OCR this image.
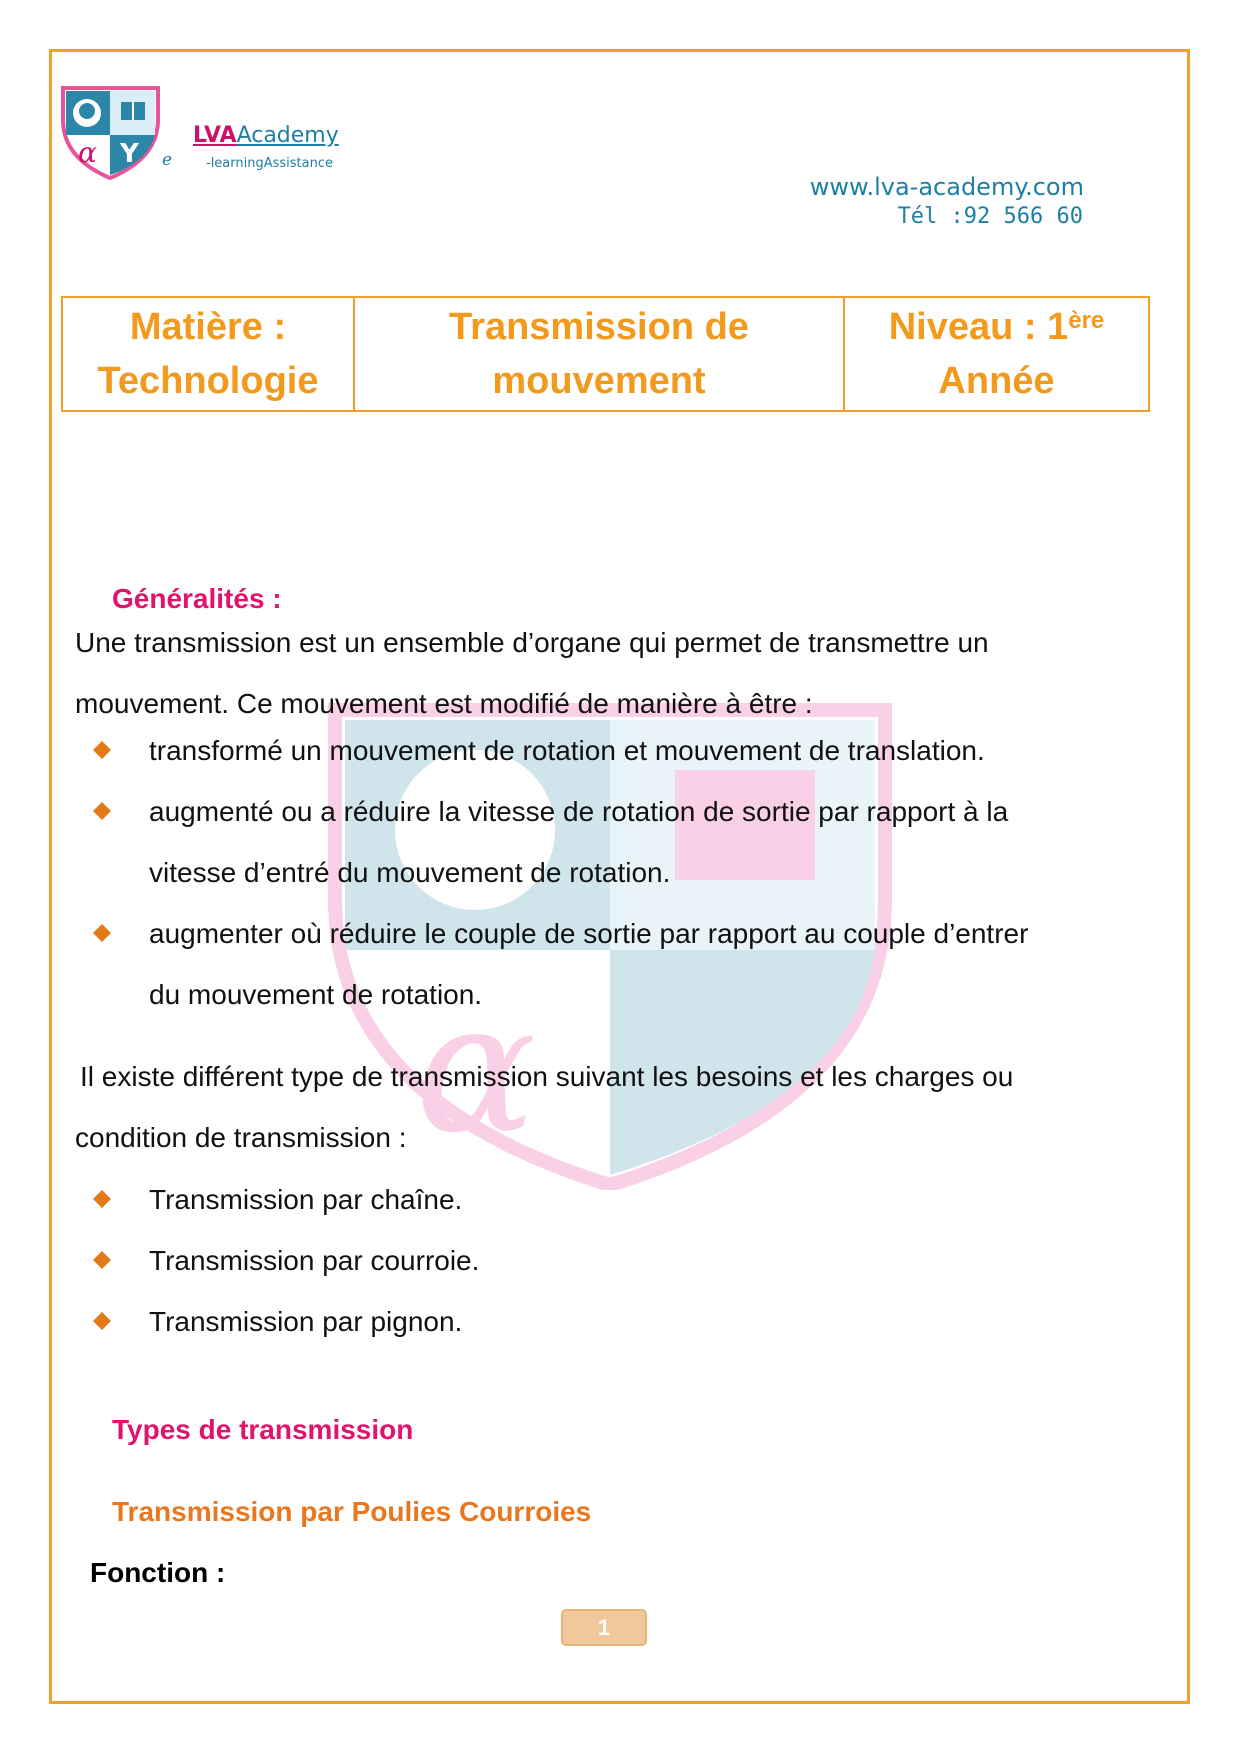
α Y
LVAAcademy
e	-learningAssistance
www.lva-academy.com
Tél :92 566 60
Matière :
Technologie

Transmission de
mouvement

Niveau : 1ère
Année
α
Généralités :
Une transmission est un ensemble d’organe qui permet de transmettre un
mouvement. Ce mouvement est modifié de manière à être :
transformé un mouvement de rotation et mouvement de translation.
augmenté ou a réduire la vitesse de rotation de sortie par rapport à la
vitesse d’entré du mouvement de rotation.
augmenter où réduire le couple de sortie par rapport au couple d’entrer
du mouvement de rotation.
Il existe différent type de transmission suivant les besoins et les charges ou
condition de transmission :
Transmission par chaîne.
Transmission par courroie.
Transmission par pignon.
Types de transmission
Transmission par Poulies Courroies
Fonction :
1
